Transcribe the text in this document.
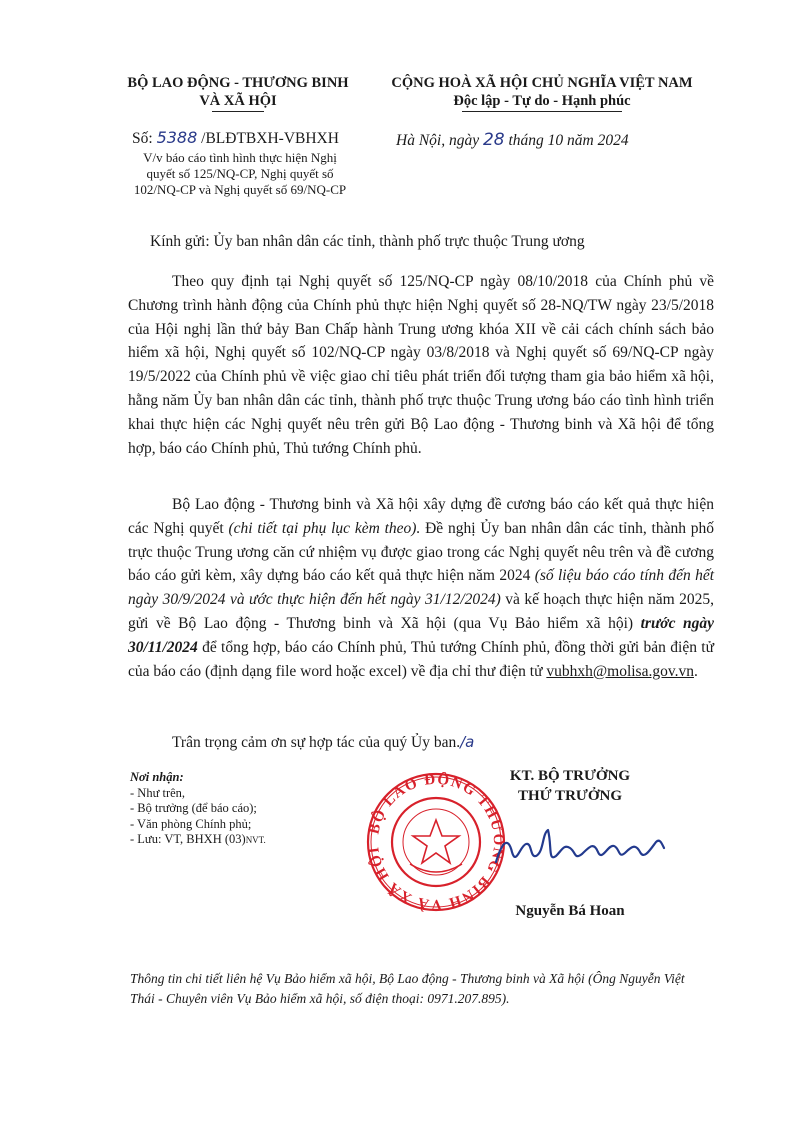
BỘ LAO ĐỘNG - THƯƠNG BINH
VÀ XÃ HỘI
CỘNG HOÀ XÃ HỘI CHỦ NGHĨA VIỆT NAM
Độc lập - Tự do - Hạnh phúc
Số: 5388 /BLĐTBXH-VBHXH	Hà Nội, ngày 28 tháng 10 năm 2024
V/v báo cáo tình hình thực hiện Nghị
quyết số 125/NQ-CP, Nghị quyết số
102/NQ-CP và Nghị quyết số 69/NQ-CP
Kính gửi: Ủy ban nhân dân các tỉnh, thành phố trực thuộc Trung ương
Theo quy định tại Nghị quyết số 125/NQ-CP ngày 08/10/2018 của Chính phủ về Chương trình hành động của Chính phủ thực hiện Nghị quyết số 28-NQ/TW ngày 23/5/2018 của Hội nghị lần thứ bảy Ban Chấp hành Trung ương khóa XII về cải cách chính sách bảo hiểm xã hội, Nghị quyết số 102/NQ-CP ngày 03/8/2018 và Nghị quyết số 69/NQ-CP ngày 19/5/2022 của Chính phủ về việc giao chỉ tiêu phát triển đối tượng tham gia bảo hiểm xã hội, hằng năm Ủy ban nhân dân các tỉnh, thành phố trực thuộc Trung ương báo cáo tình hình triển khai thực hiện các Nghị quyết nêu trên gửi Bộ Lao động - Thương binh và Xã hội để tổng hợp, báo cáo Chính phủ, Thủ tướng Chính phủ.
Bộ Lao động - Thương binh và Xã hội xây dựng đề cương báo cáo kết quả thực hiện các Nghị quyết (chi tiết tại phụ lục kèm theo). Đề nghị Ủy ban nhân dân các tỉnh, thành phố trực thuộc Trung ương căn cứ nhiệm vụ được giao trong các Nghị quyết nêu trên và đề cương báo cáo gửi kèm, xây dựng báo cáo kết quả thực hiện năm 2024 (số liệu báo cáo tính đến hết ngày 30/9/2024 và ước thực hiện đến hết ngày 31/12/2024) và kế hoạch thực hiện năm 2025, gửi về Bộ Lao động - Thương binh và Xã hội (qua Vụ Bảo hiểm xã hội) trước ngày 30/11/2024 để tổng hợp, báo cáo Chính phủ, Thủ tướng Chính phủ, đồng thời gửi bản điện tử của báo cáo (định dạng file word hoặc excel) về địa chỉ thư điện tử vubhxh@molisa.gov.vn.
Trân trọng cảm ơn sự hợp tác của quý Ủy ban./a
Nơi nhận:
- Như trên,
- Bộ trưởng (để báo cáo);
- Văn phòng Chính phủ;
- Lưu: VT, BHXH (03)NVT.
KT. BỘ TRƯỞNG
THỨ TRƯỞNG
BỘ LAO ĐỘNG THƯƠNG BINH VÀ XÃ HỘI
Nguyễn Bá Hoan
Thông tin chi tiết liên hệ Vụ Bảo hiểm xã hội, Bộ Lao động - Thương binh và Xã hội (Ông Nguyễn Việt Thái - Chuyên viên Vụ Bảo hiểm xã hội, số điện thoại: 0971.207.895).
